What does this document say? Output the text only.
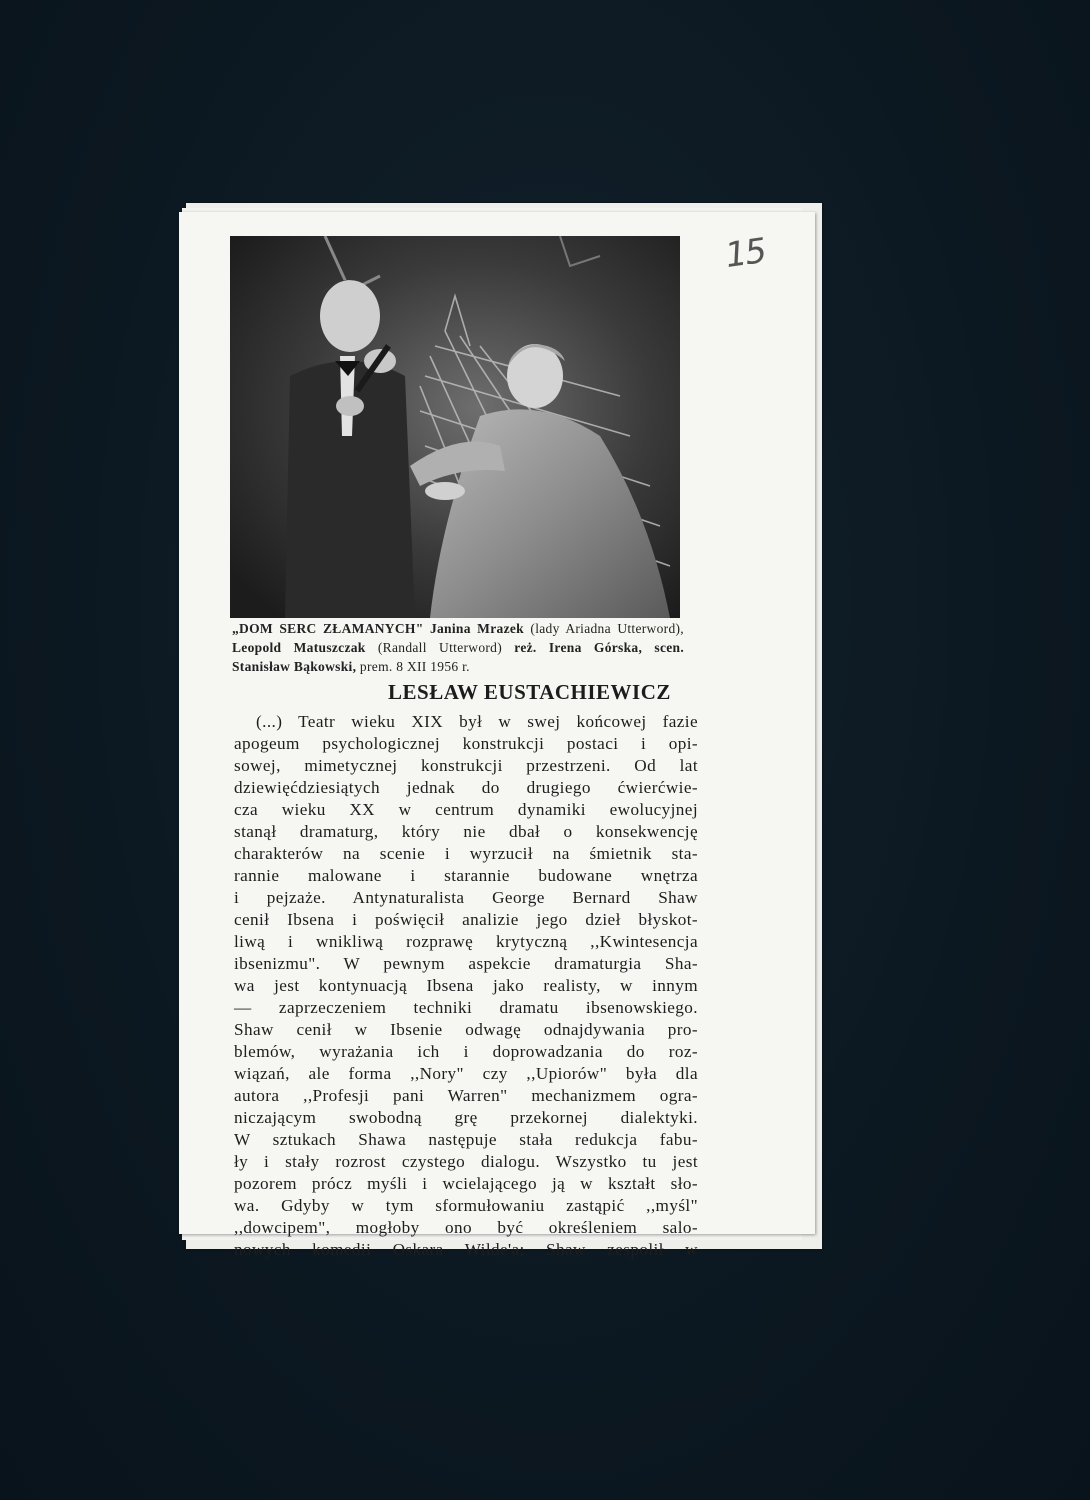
15
„DOM SERC ZŁAMANYCH" Janina Mrazek (lady Ariadna Utterword), Leopold Matuszczak (Randall Utterword) reż. Irena Górska, scen. Stanisław Bąkowski, prem. 8 XII 1956 r.
LESŁAW EUSTACHIEWICZ
(...) Teatr wieku XIX był w swej końcowej fazie
apogeum psychologicznej konstrukcji postaci i opi-
sowej, mimetycznej konstrukcji przestrzeni. Od lat
dziewięćdziesiątych jednak do drugiego ćwierćwie-
cza wieku XX w centrum dynamiki ewolucyjnej
stanął dramaturg, który nie dbał o konsekwencję
charakterów na scenie i wyrzucił na śmietnik sta-
rannie malowane i starannie budowane wnętrza
i pejzaże. Antynaturalista George Bernard Shaw
cenił Ibsena i poświęcił analizie jego dzieł błyskot-
liwą i wnikliwą rozprawę krytyczną ,,Kwintesencja
ibsenizmu". W pewnym aspekcie dramaturgia Sha-
wa jest kontynuacją Ibsena jako realisty, w innym
— zaprzeczeniem techniki dramatu ibsenowskiego.
Shaw cenił w Ibsenie odwagę odnajdywania pro-
blemów, wyrażania ich i doprowadzania do roz-
wiązań, ale forma ,,Nory" czy ,,Upiorów" była dla
autora ,,Profesji pani Warren" mechanizmem ogra-
niczającym swobodną grę przekornej dialektyki.
W sztukach Shawa następuje stała redukcja fabu-
ły i stały rozrost czystego dialogu. Wszystko tu jest
pozorem prócz myśli i wcielającego ją w kształt sło-
wa. Gdyby w tym sformułowaniu zastąpić ,,myśl"
,,dowcipem", mogłoby ono być określeniem salo-
nowych komedii Oskara Wilde'a; Shaw zespolił w
